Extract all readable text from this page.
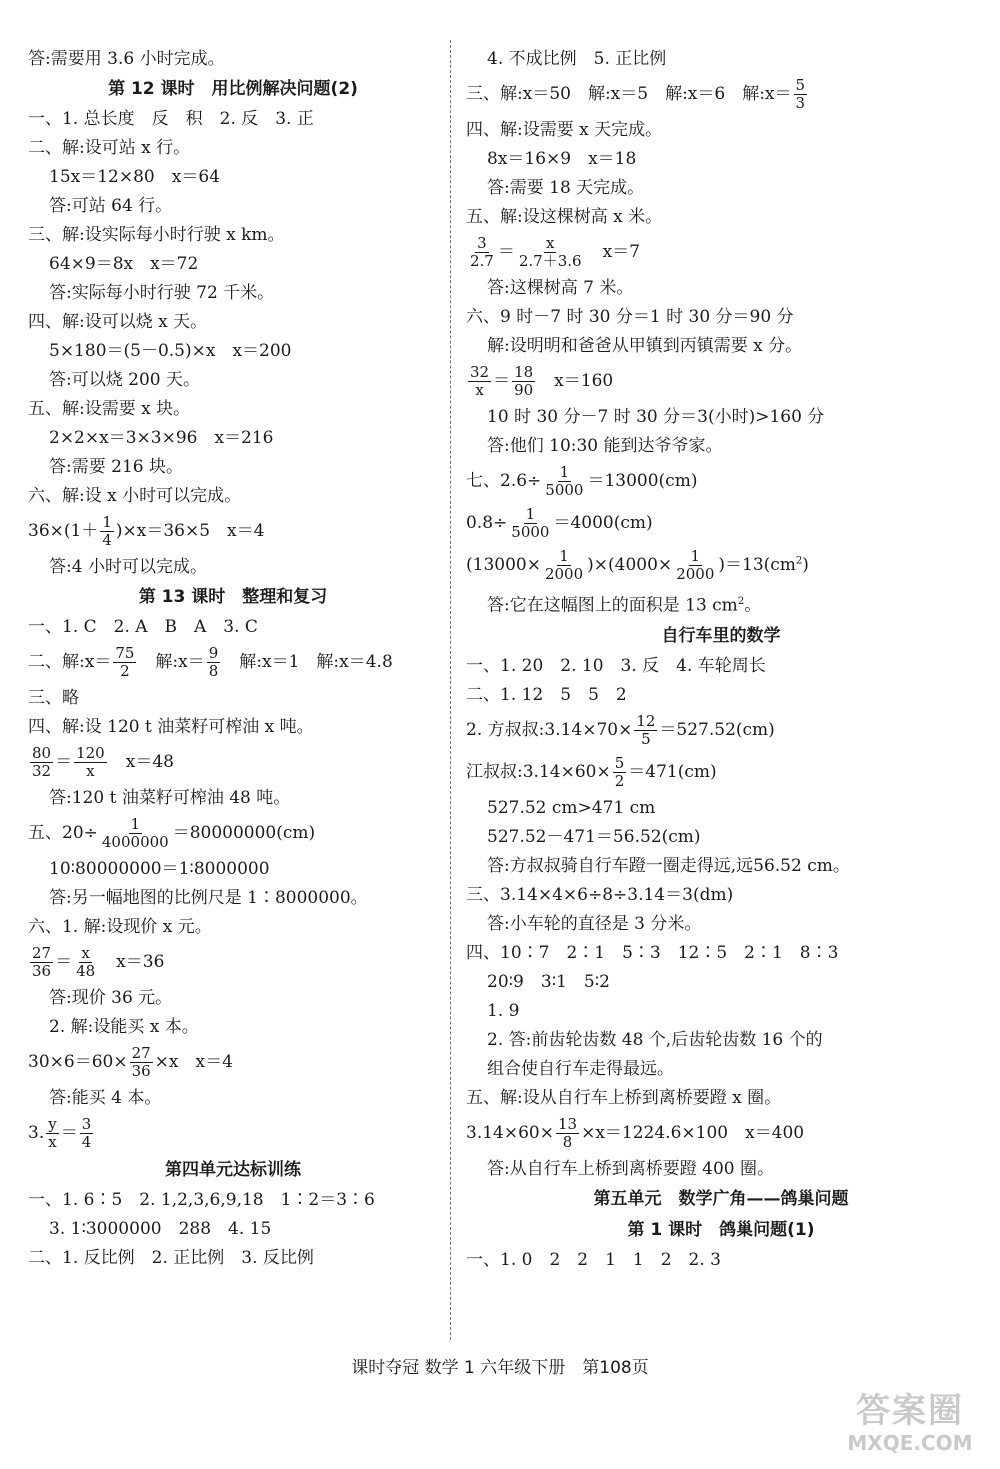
答:需要用 3.6 小时完成。
第 12 课时　用比例解决问题(2)
一、1. 总长度　反　积　2. 反　3. 正
二、解:设可站 x 行。
15x＝12×80　x＝64
答:可站 64 行。
三、解:设实际每小时行驶 x km。
64×9＝8x　x＝72
答:实际每小时行驶 72 千米。
四、解:设可以烧 x 天。
5×180＝(5－0.5)×x　x＝200
答:可以烧 200 天。
五、解:设需要 x 块。
2×2×x＝3×3×96　x＝216
答:需要 216 块。
六、解:设 x 小时可以完成。
$36\times(1+ \frac{1}{4} )\times x=36\times 5$　x＝4
答:4 小时可以完成。
第 13 课时　整理和复习
一、1. C　2. A　B　A　3. C
二、解:x＝ $\frac{75}{2}$ 　解:x＝ $\frac{9}{8}$ 　解:x＝1　解:x＝4.8
三、略
四、解:设 120 t 油菜籽可榨油 x 吨。
$\frac{80}{32} = \frac{120}{x}$ 　x＝48
答:120 t 油菜籽可榨油 48 吨。
五、$20\div \frac{1}{4000000} =80000000(cm)$
10∶80000000＝1∶8000000
答:另一幅地图的比例尺是 1∶8000000。
六、1. 解:设现价 x 元。
$\frac{27}{36} = \frac{x}{48}$ 　x＝36
答:现价 36 元。
2. 解:设能买 x 本。
$30\times 6=60\times \frac{27}{36} \times x$　x＝4
答:能买 4 本。
3. $\frac{y}{x} = \frac{3}{4}$
第四单元达标训练
一、1. 6∶5　2. 1,2,3,6,9,18　1∶2＝3∶6
3. 1∶3000000　288　4. 15
二、1. 反比例　2. 正比例　3. 反比例
4. 不成比例　5. 正比例
三、解:x＝50　解:x＝5　解:x＝6　解:x＝ $\frac{5}{3}$
四、解:设需要 x 天完成。
8x＝16×9　x＝18
答:需要 18 天完成。
五、解:设这棵树高 x 米。
$\frac{3}{2.7} = \frac{x}{2.7+3.6}$ 　x＝7
答:这棵树高 7 米。
六、9 时－7 时 30 分＝1 时 30 分＝90 分
解:设明明和爸爸从甲镇到丙镇需要 x 分。
$\frac{32}{x} = \frac{18}{90}$ 　x＝160
10 时 30 分－7 时 30 分＝3(小时)>160 分
答:他们 10:30 能到达爷爷家。
七、$2.6\div \frac{1}{5000} =13000(cm)$
$0.8\div \frac{1}{5000} =4000(cm)$
$(13000\times \frac{1}{2000} )\times(4000\times \frac{1}{2000} )=13(cm^2)$
答:它在这幅图上的面积是 13 $cm^2$。
自行车里的数学
一、1. 20　2. 10　3. 反　4. 车轮周长
二、1. 12　5　5　2
2. 方叔叔:3.14×70× $\frac{12}{5} =527.52(cm)$
江叔叔:3.14×60× $\frac{5}{2} =471(cm)$
527.52 cm>471 cm
527.52－471＝56.52(cm)
答:方叔叔骑自行车蹬一圈走得远,远56.52 cm。
三、3.14×4×6÷8÷3.14＝3(dm)
答:小车轮的直径是 3 分米。
四、10∶7　2∶1　5∶3　12∶5　2∶1　8∶3
20∶9　3∶1　5∶2
1. 9
2. 答:前齿轮齿数 48 个,后齿轮齿数 16 个的
组合使自行车走得最远。
五、解:设从自行车上桥到离桥要蹬 x 圈。
$3.14\times 60\times \frac{13}{8} \times x=1224.6\times 100$　x＝400
答:从自行车上桥到离桥要蹬 400 圈。
第五单元　数学广角——鸽巢问题
第 1 课时　鸽巢问题(1)
一、1. 0　2　2　1　1　2　2. 3
课时夺冠 数学 1 六年级下册　第108页
答案圈
MXQE.COM
